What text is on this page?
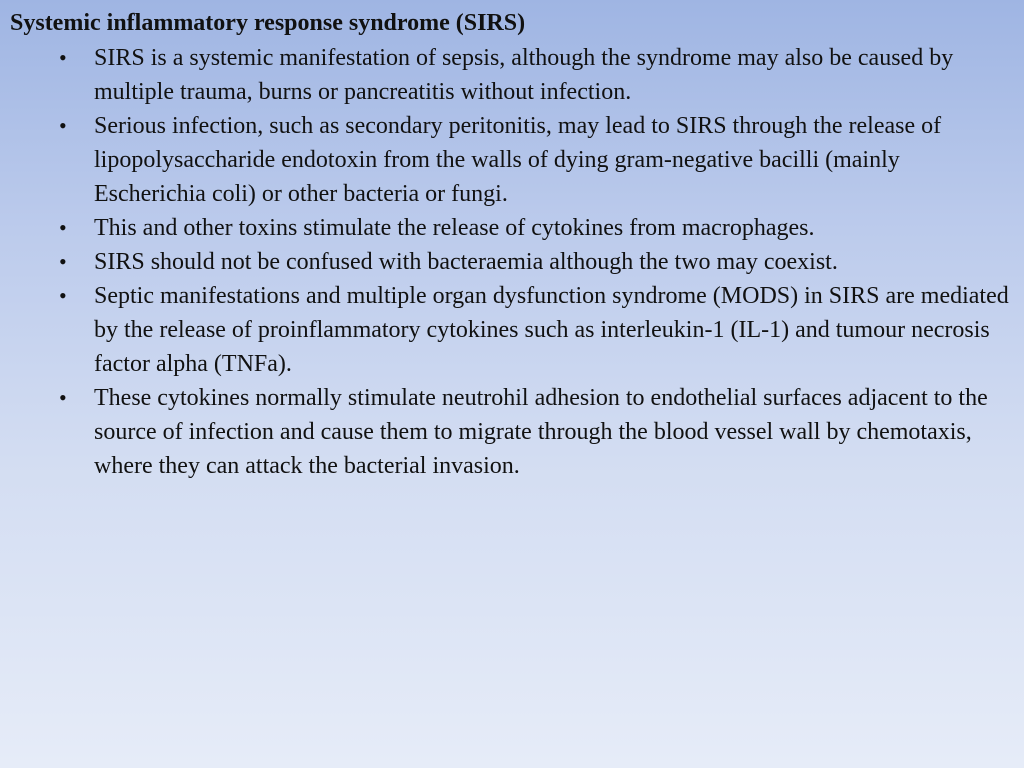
Systemic inflammatory response syndrome (SIRS)
• SIRS is a systemic manifestation of sepsis, although the syndrome may also be caused by multiple trauma, burns or pancreatitis without infection.
• Serious infection, such as secondary peritonitis, may lead to SIRS through the release of lipopolysaccharide endotoxin from the walls of dying gram-negative bacilli (mainly Escherichia coli) or other bacteria or fungi.
• This and other toxins stimulate the release of cytokines from macrophages.
• SIRS should not be confused with bacteraemia although the two may coexist.
• Septic manifestations and multiple organ dysfunction syndrome (MODS) in SIRS are mediated by the release of proinflammatory cytokines such as interleukin-1 (IL-1) and tumour necrosis factor alpha (TNFa).
• These cytokines normally stimulate neutrohil adhesion to endothelial surfaces adjacent to the source of infection and cause them to migrate through the blood vessel wall by chemotaxis, where they can attack the bacterial invasion.
